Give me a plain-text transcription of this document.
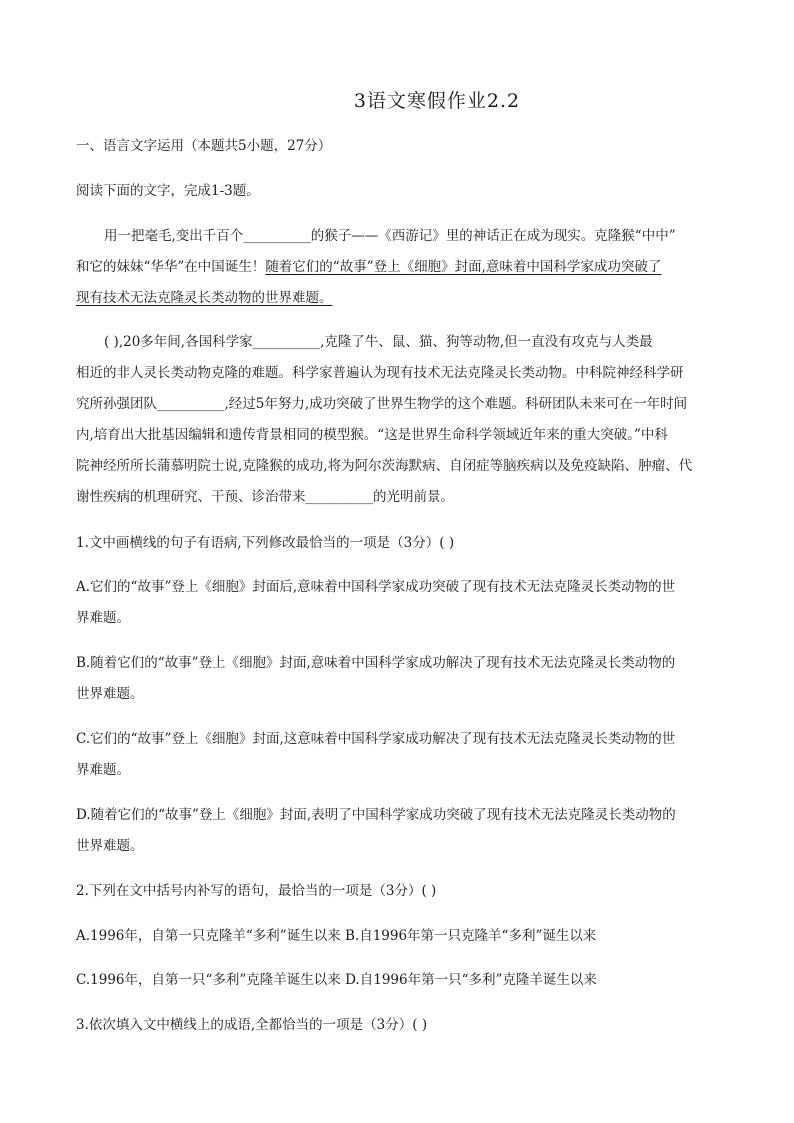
3语文寒假作业2.2
一、语言文字运用（本题共5小题，27分）
阅读下面的文字，完成1-3题。
用一把毫毛,变出千百个__________的猴子——《西游记》里的神话正在成为现实。克隆猴“中中”
和它的妹妹“华华”在中国诞生！随着它们的“故事”登上《细胞》封面,意味着中国科学家成功突破了
现有技术无法克隆灵长类动物的世界难题。
( ),20多年间,各国科学家__________,克隆了牛、鼠、猫、狗等动物,但一直没有攻克与人类最
相近的非人灵长类动物克隆的难题。科学家普遍认为现有技术无法克隆灵长类动物。中科院神经科学研
究所孙强团队__________,经过5年努力,成功突破了世界生物学的这个难题。科研团队未来可在一年时间
内,培育出大批基因编辑和遗传背景相同的模型猴。“这是世界生命科学领域近年来的重大突破。”中科
院神经所所长蒲慕明院士说,克隆猴的成功,将为阿尔茨海默病、自闭症等脑疾病以及免疫缺陷、肿瘤、代
谢性疾病的机理研究、干预、诊治带来__________的光明前景。
1.文中画横线的句子有语病,下列修改最恰当的一项是（3分）( )
A.它们的“故事”登上《细胞》封面后,意味着中国科学家成功突破了现有技术无法克隆灵长类动物的世
界难题。
B.随着它们的“故事”登上《细胞》封面,意味着中国科学家成功解决了现有技术无法克隆灵长类动物的
世界难题。
C.它们的“故事”登上《细胞》封面,这意味着中国科学家成功解决了现有技术无法克隆灵长类动物的世
界难题。
D.随着它们的“故事”登上《细胞》封面,表明了中国科学家成功突破了现有技术无法克隆灵长类动物的
世界难题。
2.下列在文中括号内补写的语句，最恰当的一项是（3分）( )
A.1996年，自第一只克隆羊“多利”诞生以来 B.自1996年第一只克隆羊“多利”诞生以来
C.1996年，自第一只“多利”克隆羊诞生以来 D.自1996年第一只“多利”克隆羊诞生以来
3.依次填入文中横线上的成语,全都恰当的一项是（3分）( )
